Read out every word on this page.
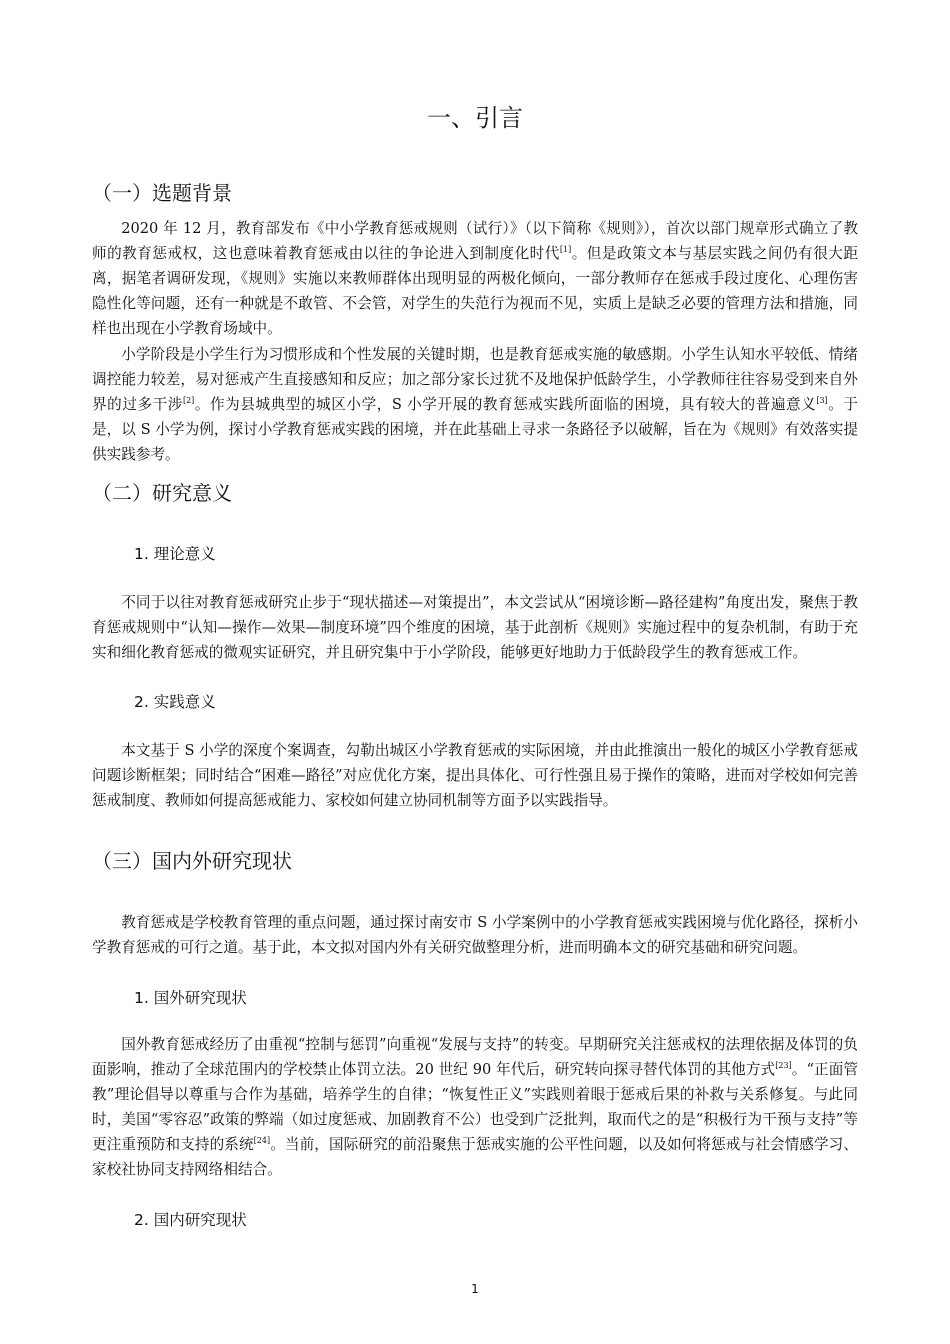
一、引言
（一）选题背景

2020 年 12 月，教育部发布《中小学教育惩戒规则（试行）》（以下简称《规则》），首次以部门规章形式确立了教师的教育惩戒权，这也意味着教育惩戒由以往的争论进入到制度化时代[1]。但是政策文本与基层实践之间仍有很大距离，据笔者调研发现，《规则》实施以来教师群体出现明显的两极化倾向，一部分教师存在惩戒手段过度化、心理伤害隐性化等问题，还有一种就是不敢管、不会管，对学生的失范行为视而不见，实质上是缺乏必要的管理方法和措施，同样也出现在小学教育场域中。

小学阶段是小学生行为习惯形成和个性发展的关键时期，也是教育惩戒实施的敏感期。小学生认知水平较低、情绪调控能力较差，易对惩戒产生直接感知和反应；加之部分家长过犹不及地保护低龄学生，小学教师往往容易受到来自外界的过多干涉[2]。作为县城典型的城区小学，S 小学开展的教育惩戒实践所面临的困境，具有较大的普遍意义[3]。于是，以 S 小学为例，探讨小学教育惩戒实践的困境，并在此基础上寻求一条路径予以破解，旨在为《规则》有效落实提供实践参考。

（二）研究意义
1. 理论意义

不同于以往对教育惩戒研究止步于“现状描述—对策提出”，本文尝试从“困境诊断—路径建构”角度出发，聚焦于教育惩戒规则中“认知—操作—效果—制度环境”四个维度的困境，基于此剖析《规则》实施过程中的复杂机制，有助于充实和细化教育惩戒的微观实证研究，并且研究集中于小学阶段，能够更好地助力于低龄段学生的教育惩戒工作。

2. 实践意义

本文基于 S 小学的深度个案调查，勾勒出城区小学教育惩戒的实际困境，并由此推演出一般化的城区小学教育惩戒问题诊断框架；同时结合“困难—路径”对应优化方案，提出具体化、可行性强且易于操作的策略，进而对学校如何完善惩戒制度、教师如何提高惩戒能力、家校如何建立协同机制等方面予以实践指导。

（三）国内外研究现状

教育惩戒是学校教育管理的重点问题，通过探讨南安市 S 小学案例中的小学教育惩戒实践困境与优化路径，探析小学教育惩戒的可行之道。基于此，本文拟对国内外有关研究做整理分析，进而明确本文的研究基础和研究问题。

1. 国外研究现状

国外教育惩戒经历了由重视“控制与惩罚”向重视“发展与支持”的转变。早期研究关注惩戒权的法理依据及体罚的负面影响，推动了全球范围内的学校禁止体罚立法。20 世纪 90 年代后，研究转向探寻替代体罚的其他方式[23]。“正面管教”理论倡导以尊重与合作为基础，培养学生的自律；“恢复性正义”实践则着眼于惩戒后果的补救与关系修复。与此同时，美国“零容忍”政策的弊端（如过度惩戒、加剧教育不公）也受到广泛批判，取而代之的是“积极行为干预与支持”等更注重预防和支持的系统[24]。当前，国际研究的前沿聚焦于惩戒实施的公平性问题，以及如何将惩戒与社会情感学习、家校社协同支持网络相结合。

2. 国内研究现状
1
